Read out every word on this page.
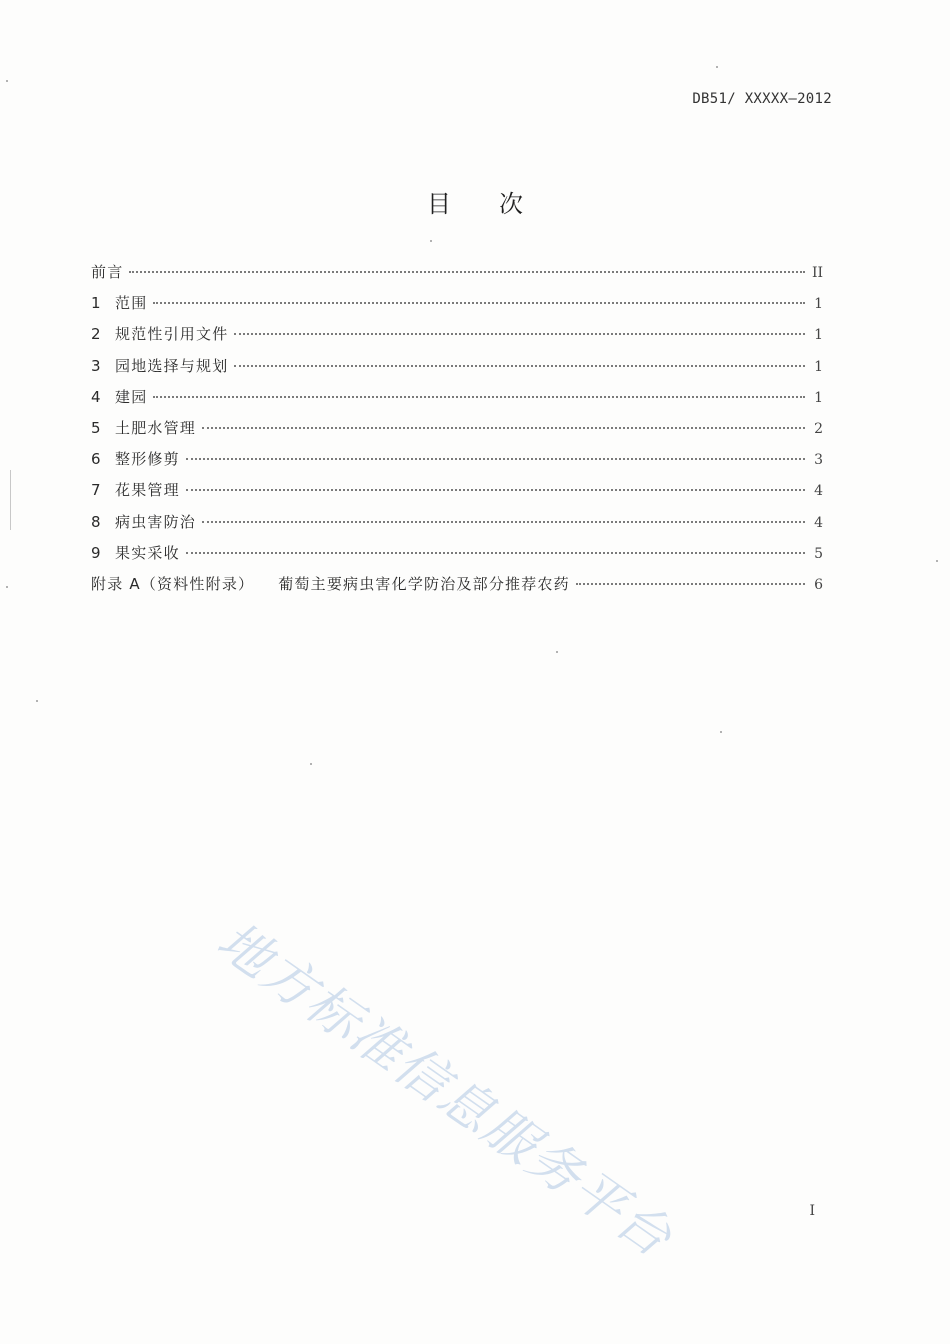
DB51/ XXXXX—2012
目次
前言	II
1 范围	1
2 规范性引用文件	1
3 园地选择与规划	1
4 建园	1
5 土肥水管理	2
6 整形修剪	3
7 花果管理	4
8 病虫害防治	4
9 果实采收	5
附录 A（资料性附录） 葡萄主要病虫害化学防治及部分推荐农药	6
地方标准信息服务平台	I
